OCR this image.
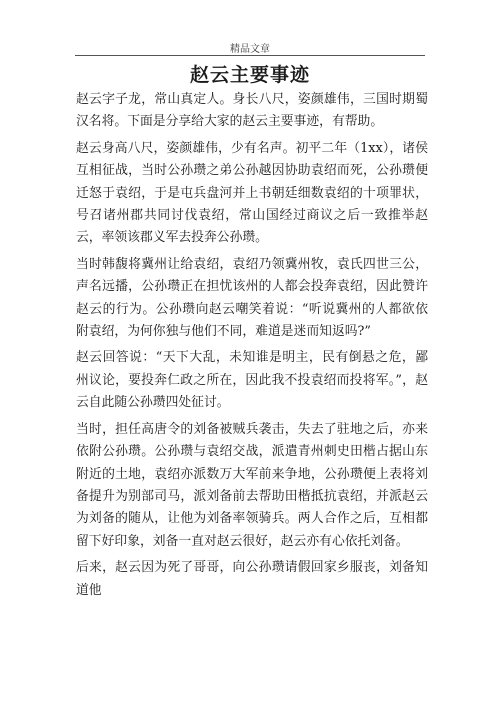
精品文章
赵云主要事迹

赵云字子龙，常山真定人。身长八尺，姿颜雄伟，三国时期蜀汉名将。下面是分享给大家的赵云主要事迹，有帮助。

赵云身高八尺，姿颜雄伟，少有名声。初平二年（1xx），诸侯互相征战，当时公孙瓒之弟公孙越因协助袁绍而死，公孙瓒便迁怒于袁绍，于是屯兵盘河并上书朝廷细数袁绍的十项罪状，号召诸州郡共同讨伐袁绍，常山国经过商议之后一致推举赵云，率领该郡义军去投奔公孙瓒。

当时韩馥将冀州让给袁绍，袁绍乃领冀州牧，袁氏四世三公，声名远播，公孙瓒正在担忧该州的人都会投奔袁绍，因此赞许赵云的行为。公孙瓒向赵云嘲笑着说：“听说冀州的人都欲依附袁绍，为何你独与他们不同，难道是迷而知返吗?”

赵云回答说：“天下大乱，未知谁是明主，民有倒悬之危，鄙州议论，要投奔仁政之所在，因此我不投袁绍而投将军。”，赵云自此随公孙瓒四处征讨。

当时，担任高唐令的刘备被贼兵袭击，失去了驻地之后，亦来依附公孙瓒。公孙瓒与袁绍交战，派遣青州刺史田楷占据山东附近的土地，袁绍亦派数万大军前来争地，公孙瓒便上表将刘备提升为别部司马，派刘备前去帮助田楷抵抗袁绍，并派赵云为刘备的随从，让他为刘备率领骑兵。两人合作之后，互相都留下好印象，刘备一直对赵云很好，赵云亦有心依托刘备。

后来，赵云因为死了哥哥，向公孙瓒请假回家乡服丧，刘备知道他
